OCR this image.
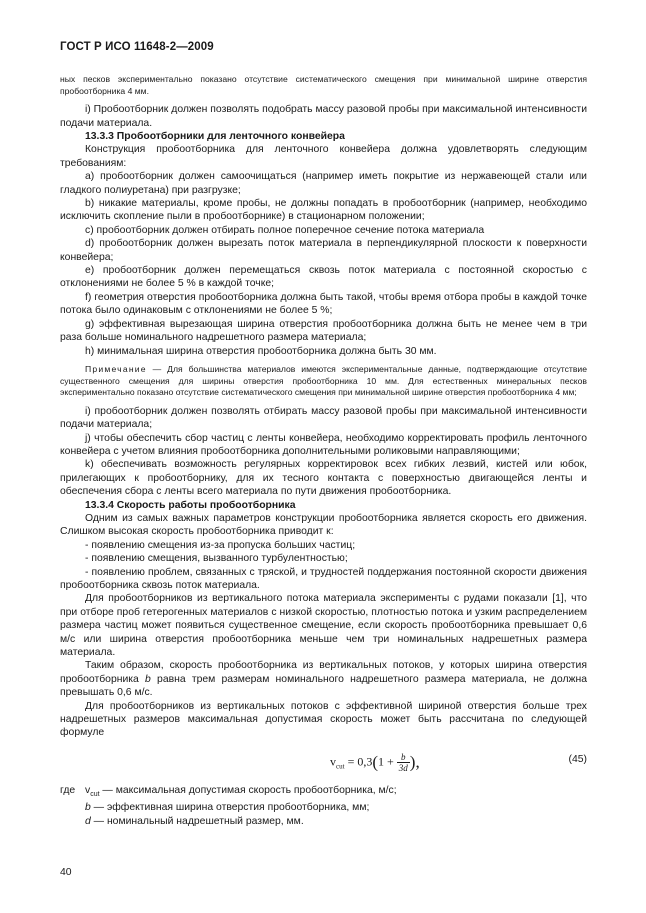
ГОСТ Р ИСО 11648-2—2009

ных песков экспериментально показано отсутствие систематического смещения при минимальной ширине отверстия пробоотборника 4 мм.

i) Пробоотборник должен позволять подобрать массу разовой пробы при максимальной интенсивности подачи материала.

13.3.3 Пробоотборники для ленточного конвейера

Конструкция пробоотборника для ленточного конвейера должна удовлетворять следующим требованиям:

a) пробоотборник должен самоочищаться (например иметь покрытие из нержавеющей стали или гладкого полиуретана) при разгрузке;

b) никакие материалы, кроме пробы, не должны попадать в пробоотборник (например, необходимо исключить скопление пыли в пробоотборнике) в стационарном положении;

c) пробоотборник должен отбирать полное поперечное сечение потока материала

d) пробоотборник должен вырезать поток материала в перпендикулярной плоскости к поверхности конвейера;

e) пробоотборник должен перемещаться сквозь поток материала с постоянной скоростью с отклонениями не более 5 % в каждой точке;

f) геометрия отверстия пробоотборника должна быть такой, чтобы время отбора пробы в каждой точке потока было одинаковым с отклонениями не более 5 %;

g) эффективная вырезающая ширина отверстия пробоотборника должна быть не менее чем в три раза больше номинального надрешетного размера материала;

h) минимальная ширина отверстия пробоотборника должна быть 30 мм.

Примечание — Для большинства материалов имеются экспериментальные данные, подтверждающие отсутствие существенного смещения для ширины отверстия пробоотборника 10 мм. Для естественных минеральных песков экспериментально показано отсутствие систематического смещения при минимальной ширине отверстия пробоотборника 4 мм;

i) пробоотборник должен позволять отбирать массу разовой пробы при максимальной интенсивности подачи материала;

j) чтобы обеспечить сбор частиц с ленты конвейера, необходимо корректировать профиль ленточного конвейера с учетом влияния пробоотборника дополнительными роликовыми направляющими;

k) обеспечивать возможность регулярных корректировок всех гибких лезвий, кистей или юбок, прилегающих к пробоотборнику, для их тесного контакта с поверхностью двигающейся ленты и обеспечения сбора с ленты всего материала по пути движения пробоотборника.

13.3.4 Скорость работы пробоотборника

Одним из самых важных параметров конструкции пробоотборника является скорость его движения. Слишком высокая скорость пробоотборника приводит к:

- появлению смещения из-за пропуска больших частиц;

- появлению смещения, вызванного турбулентностью;

- появлению проблем, связанных с тряской, и трудностей поддержания постоянной скорости движения пробоотборника сквозь поток материала.

Для пробоотборников из вертикального потока материала эксперименты с рудами показали [1], что при отборе проб гетерогенных материалов с низкой скоростью, плотностью потока и узким распределением размера частиц может появиться существенное смещение, если скорость пробоотборника превышает 0,6 м/с или ширина отверстия пробоотборника меньше чем три номинальных надрешетных размера материала.

Таким образом, скорость пробоотборника из вертикальных потоков, у которых ширина отверстия пробоотборника b равна трем размерам номинального надрешетного размера материала, не должна превышать 0,6 м/с.

Для пробоотборников из вертикальных потоков с эффективной шириной отверстия больше трех надрешетных размеров максимальная допустимая скорость может быть рассчитана по следующей формуле

$v_{cut} = 0,3(1 + \frac{b}{3d}$ ),	(45)
где $v_{cut}$ — максимальная допустимая скорость пробоотборника, м/с;
b — эффективная ширина отверстия пробоотборника, мм;
d — номинальный надрешетный размер, мм.
40
